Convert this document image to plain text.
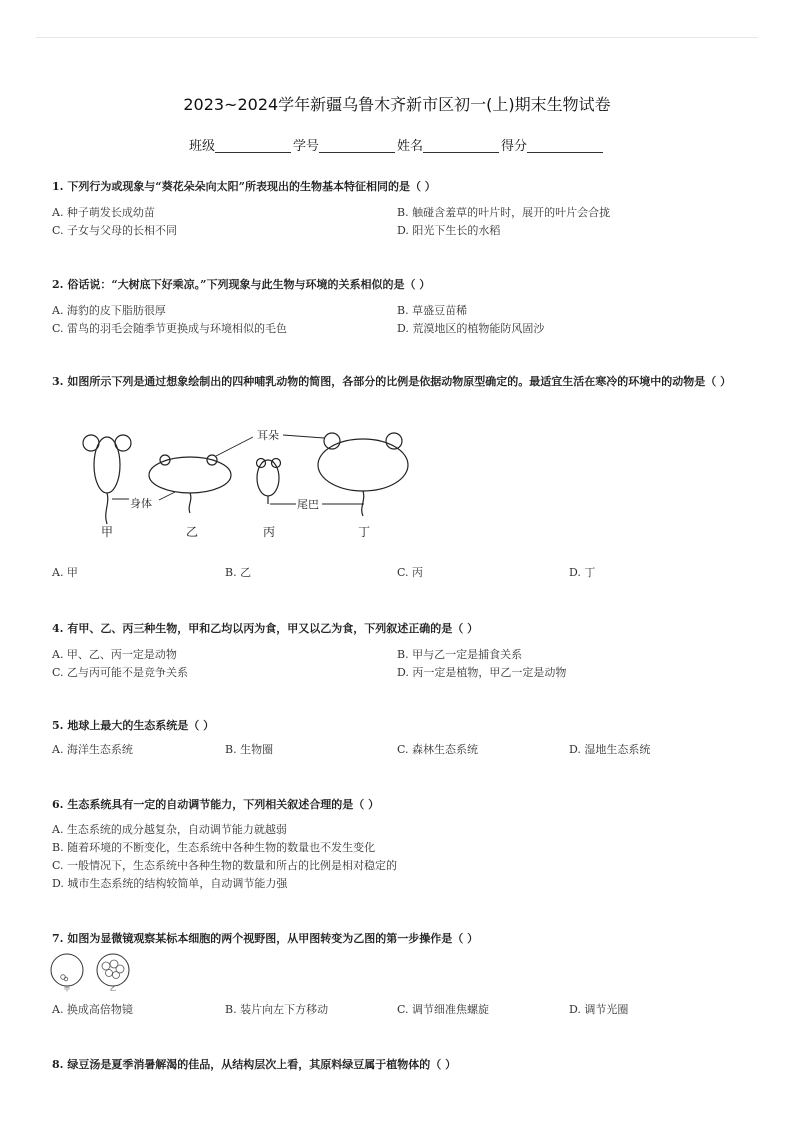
2023~2024学年新疆乌鲁木齐新市区初一(上)期末生物试卷
班级	学号	姓名	得分
1. 下列行为或现象与“葵花朵朵向太阳”所表现出的生物基本特征相同的是（ ）
A. 种子萌发长成幼苗	B. 触碰含羞草的叶片时，展开的叶片会合拢
C. 子女与父母的长相不同	D. 阳光下生长的水稻
2. 俗话说：“大树底下好乘凉。”下列现象与此生物与环境的关系相似的是（ ）
A. 海豹的皮下脂肪很厚	B. 草盛豆苗稀
C. 雷鸟的羽毛会随季节更换成与环境相似的毛色	D. 荒漠地区的植物能防风固沙
3. 如图所示下列是通过想象绘制出的四种哺乳动物的简图，各部分的比例是依据动物原型确定的。最适宜生活在寒冷的环境中的动物是（ ）
耳朵
身体	尾巴
甲	乙	丙	丁
A. 甲	B. 乙	C. 丙	D. 丁
4. 有甲、乙、丙三种生物，甲和乙均以丙为食，甲又以乙为食，下列叙述正确的是（ ）
A. 甲、乙、丙一定是动物	B. 甲与乙一定是捕食关系
C. 乙与丙可能不是竞争关系	D. 丙一定是植物，甲乙一定是动物
5. 地球上最大的生态系统是（ ）
A. 海洋生态系统	B. 生物圈	C. 森林生态系统	D. 湿地生态系统
6. 生态系统具有一定的自动调节能力，下列相关叙述合理的是（ ）
A. 生态系统的成分越复杂，自动调节能力就越弱
B. 随着环境的不断变化，生态系统中各种生物的数量也不发生变化
C. 一般情况下，生态系统中各种生物的数量和所占的比例是相对稳定的
D. 城市生态系统的结构较简单，自动调节能力强
7. 如图为显微镜观察某标本细胞的两个视野图，从甲图转变为乙图的第一步操作是（ ）
甲	乙
A. 换成高倍物镜	B. 装片向左下方移动	C. 调节细准焦螺旋	D. 调节光圈
8. 绿豆汤是夏季消暑解渴的佳品，从结构层次上看，其原料绿豆属于植物体的（ ）
